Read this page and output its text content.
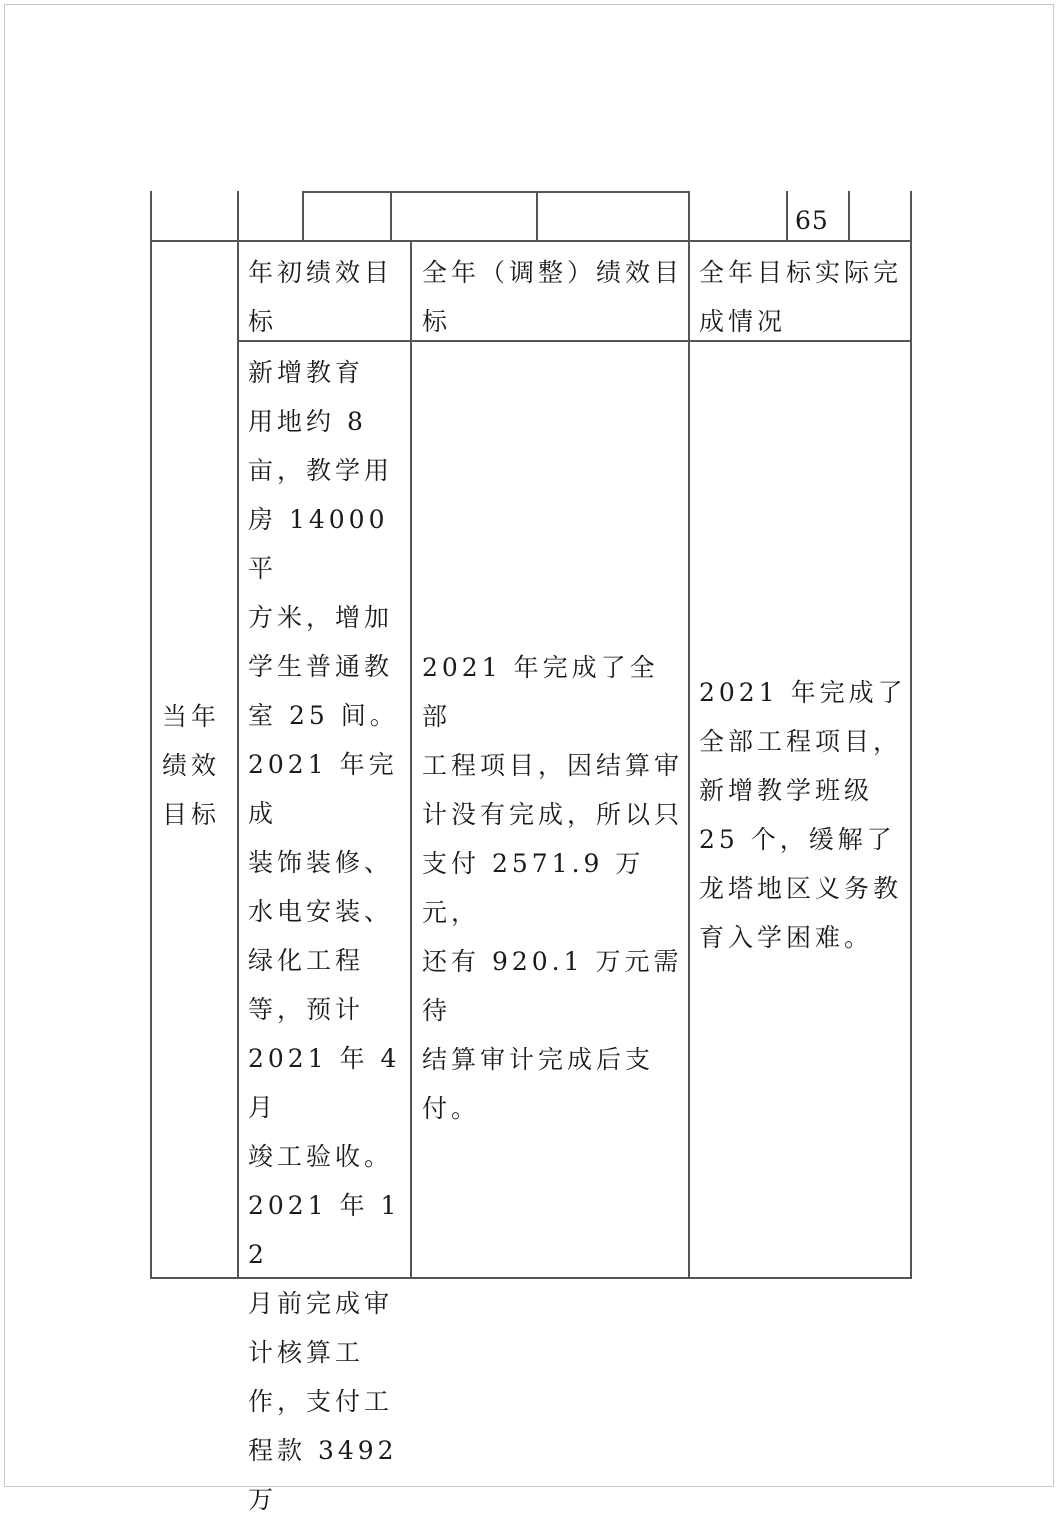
65
年初绩效目
标
全年（调整）绩效目
标
全年目标实际完
成情况
当年
绩效
目标
新增教育
用地约 8
亩，教学用
房 14000 平
方米，增加
学生普通教
室 25 间。
2021 年完成
装饰装修、
水电安装、
绿化工程
等，预计
2021 年 4 月
竣工验收。
2021 年 12
月前完成审
计核算工
作，支付工
程款 3492 万
2021 年完成了全部
工程项目，因结算审
计没有完成，所以只
支付 2571.9 万元，
还有 920.1 万元需待
结算审计完成后支
付。
2021 年完成了
全部工程项目，
新增教学班级
25 个，缓解了
龙塔地区义务教
育入学困难。
